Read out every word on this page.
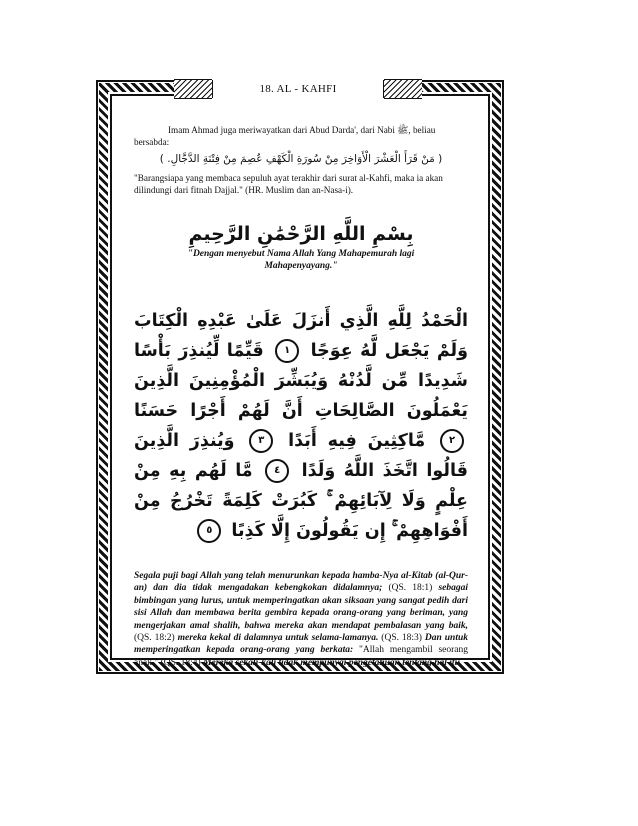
18. AL - KAHFI

Imam Ahmad juga meriwayatkan dari Abud Darda', dari Nabi ﷺ, beliau bersabda:

( مَنْ قَرَأَ الْعَشْرَ الْأَوَاخِرَ مِنْ سُورَةِ الْكَهْفِ عُصِمَ مِنْ فِتْنَةِ الدَّجَّالِ. )

"Barangsiapa yang membaca sepuluh ayat terakhir dari surat al-Kahfi, maka ia akan dilindungi dari fitnah Dajjal." (HR. Muslim dan an-Nasa-i).

بِسْمِ اللَّهِ الرَّحْمَٰنِ الرَّحِيمِ

"Dengan menyebut Nama Allah Yang Mahapemurah lagi Mahapenyayang."

الْحَمْدُ لِلَّهِ الَّذِي أَنزَلَ عَلَىٰ عَبْدِهِ الْكِتَابَ وَلَمْ يَجْعَل لَّهُ عِوَجًا ١ قَيِّمًا لِّيُنذِرَ بَأْسًا شَدِيدًا مِّن لَّدُنْهُ وَيُبَشِّرَ الْمُؤْمِنِينَ الَّذِينَ يَعْمَلُونَ الصَّالِحَاتِ أَنَّ لَهُمْ أَجْرًا حَسَنًا ٢ مَّاكِثِينَ فِيهِ أَبَدًا ٣ وَيُنذِرَ الَّذِينَ قَالُوا اتَّخَذَ اللَّهُ وَلَدًا ٤ مَّا لَهُم بِهِ مِنْ عِلْمٍ وَلَا لِآبَائِهِمْ ۚ كَبُرَتْ كَلِمَةً تَخْرُجُ مِنْ أَفْوَاهِهِمْ ۚ إِن يَقُولُونَ إِلَّا كَذِبًا ٥
Segala puji bagi Allah yang telah menurunkan kepada hamba-Nya al-Kitab (al-Qur-an) dan dia tidak mengadakan kebengkokan didalamnya; (QS. 18:1) sebagai bimbingan yang lurus, untuk memperingatkan akan siksaan yang sangat pedih dari sisi Allah dan membawa berita gembira kepada orang-orang yang beriman, yang mengerjakan amal shalih, bahwa mereka akan mendapat pembalasan yang baik, (QS. 18:2) mereka kekal di dalamnya untuk selama-lamanya. (QS. 18:3) Dan untuk memperingatkan kepada orang-orang yang berkata: "Allah mengambil seorang anak." (QS. 18:4) Mereka sekali-kali tidak mempunyai pengetahuan tentang hal itu,
